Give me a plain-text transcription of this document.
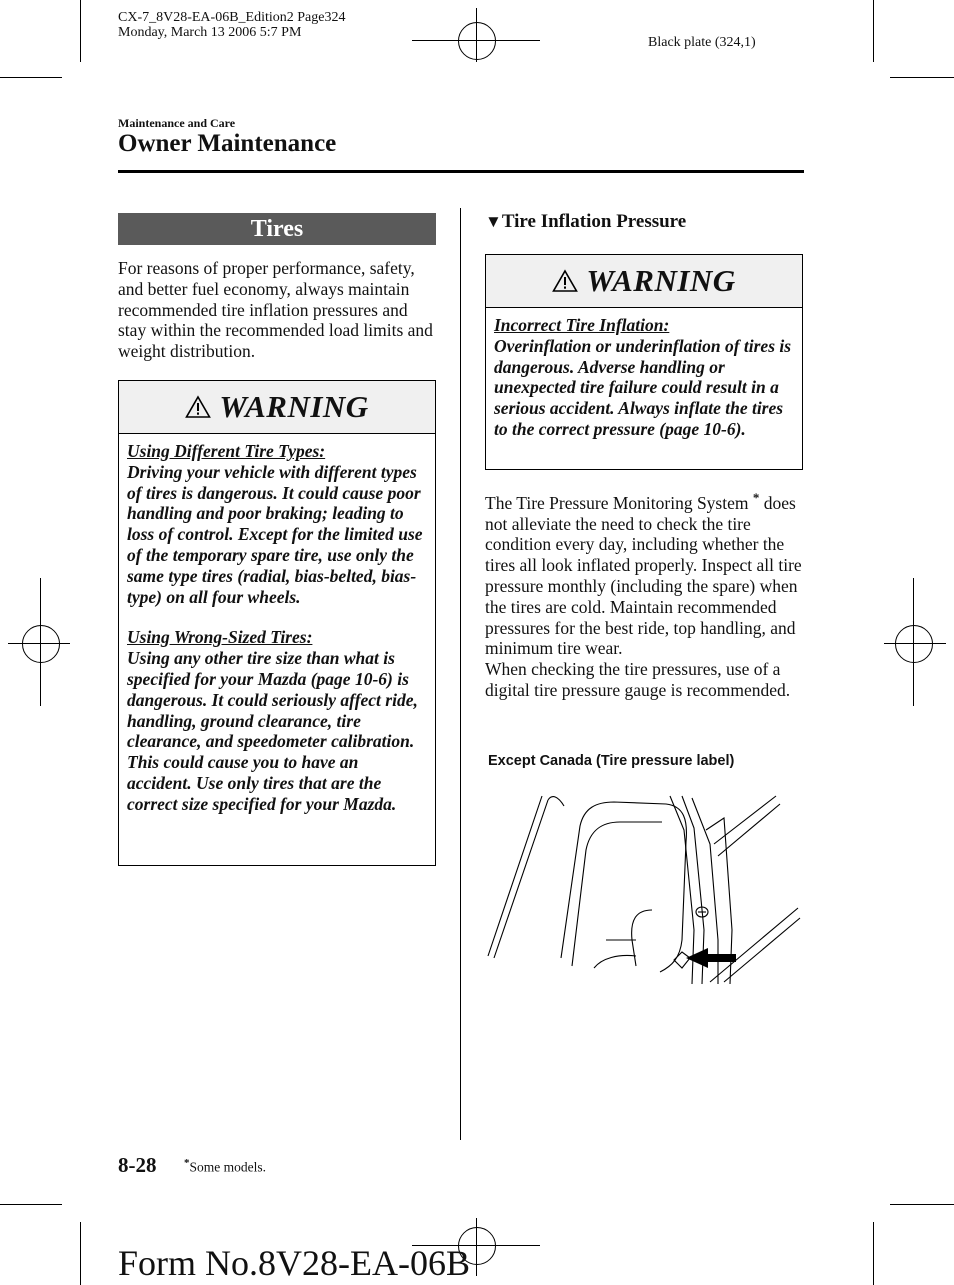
CX-7_8V28-EA-06B_Edition2 Page324
Monday, March 13 2006 5:7 PM
Black plate (324,1)
Maintenance and Care
Owner Maintenance
Tires
For reasons of proper performance, safety, and better fuel economy, always maintain recommended tire inflation pressures and stay within the recommended load limits and weight distribution.
WARNING

Using Different Tire Types:

Driving your vehicle with different types of tires is dangerous. It could cause poor handling and poor braking; leading to loss of control. Except for the limited use of the temporary spare tire, use only the same type tires (radial, bias-belted, bias-type) on all four wheels.

Using Wrong-Sized Tires:

Using any other tire size than what is specified for your Mazda (page 10-6) is dangerous. It could seriously affect ride, handling, ground clearance, tire clearance, and speedometer calibration. This could cause you to have an accident. Use only tires that are the correct size specified for your Mazda.

▼Tire Inflation Pressure
WARNING

Incorrect Tire Inflation:

Overinflation or underinflation of tires is dangerous. Adverse handling or unexpected tire failure could result in a serious accident. Always inflate the tires to the correct pressure (page 10-6).

The Tire Pressure Monitoring System * does not alleviate the need to check the tire condition every day, including whether the tires all look inflated properly. Inspect all tire pressure monthly (including the spare) when the tires are cold. Maintain recommended pressures for the best ride, top handling, and minimum tire wear.
When checking the tire pressures, use of a digital tire pressure gauge is recommended.
Except Canada (Tire pressure label)
8-28	*Some models.
Form No.8V28-EA-06B
